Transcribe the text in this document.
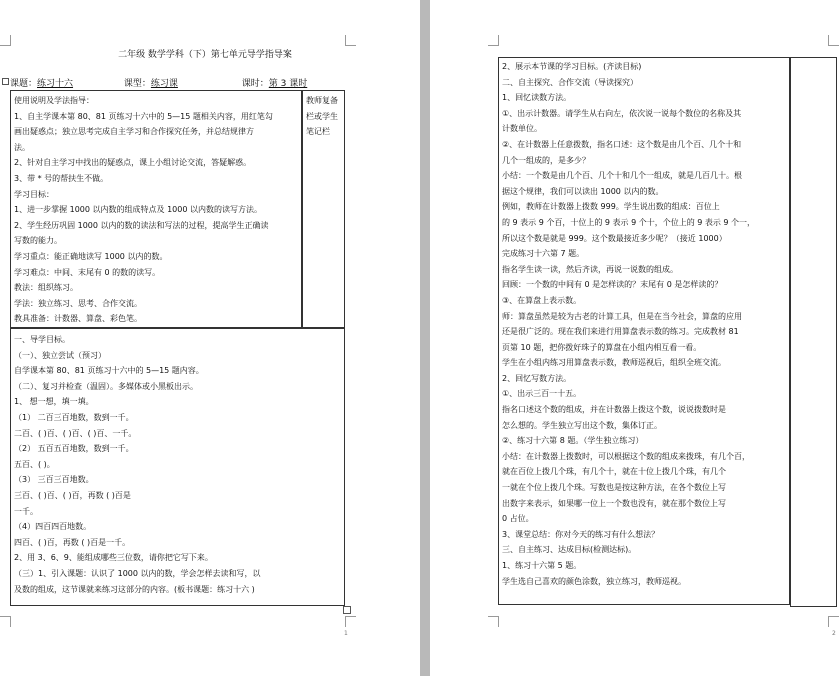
二年级 数学学科（下）第七单元导学指导案
课题：练习十六	课型：练习课	课时：第 3 课时

使用说明及学法指导：

1、自主学课本第 80、81 页练习十六中的 5—15 题相关内容，用红笔勾

画出疑惑点；独立思考完成自主学习和合作探究任务，并总结规律方

法。

2、针对自主学习中找出的疑惑点，课上小组讨论交流，答疑解惑。

3、带 * 号的帮扶生不做。

学习目标：

1、进一步掌握 1000 以内数的组成特点及 1000 以内数的读写方法。

2、学生经历巩固 1000 以内的数的读法和写法的过程，提高学生正确读

写数的能力。

学习重点：能正确地读写 1000 以内的数。

学习难点：中间、末尾有 0 的数的读写。

教法：组织练习。

学法：独立练习、思考、合作交流。

教具准备：计数器、算盘、彩色笔。

教师复备栏或学生笔记栏

一、导学目标。

（一）、独立尝试（预习）

自学课本第 80、81 页练习十六中的 5—15 题内容。

（二）、复习并检查（温固）。多媒体或小黑板出示。

1、 想一想，填一填。

（1） 二百三百地数，数到一千。

二百、( )百、( )百、( )百、一千。

（2） 五百五百地数，数到一千。

五百、( )。

（3） 三百三百地数。

三百、( )百、( )百，再数 ( )百是

一千。

（4）四百四百地数。

四百、( )百，再数 ( )百是一千。

2、用 3、6、9、能组成哪些三位数，请你把它写下来。

（三）1、引入课题：认识了 1000 以内的数，学会怎样去读和写，以

及数的组成，这节课就来练习这部分的内容。(板书课题：练习十六 )

1

2、展示本节课的学习目标。(齐读目标)

二、自主探究、合作交流（导读探究）

1、回忆读数方法。

①、出示计数器。请学生从右向左，依次说一说每个数位的名称及其

计数单位。

②、在计数器上任意拨数，指名口述：这个数是由几个百、几个十和

几个一组成的，是多少？

小结：一个数是由几个百、几个十和几个一组成，就是几百几十。根

据这个规律，我们可以读出 1000 以内的数。

例如，教师在计数器上拨数 999。学生说出数的组成：百位上

的 9 表示 9 个百，十位上的 9 表示 9 个十，个位上的 9 表示 9 个一，

所以这个数是就是 999。这个数最接近多少呢？（接近 1000）

完成练习十六第 7 题。

指名学生读一读，然后齐读，再说一说数的组成。

回顾：一个数的中间有 0 是怎样读的？末尾有 0 是怎样读的？

③、在算盘上表示数。

师：算盘虽然是较为古老的计算工具，但是在当今社会，算盘的应用

还是很广泛的。现在我们来进行用算盘表示数的练习。完成教材 81

页第 10 题，把你拨好珠子的算盘在小组内相互看一看。

学生在小组内练习用算盘表示数，教师巡视后，组织全班交流。

2、回忆写数方法。

①、出示三百一十五。

指名口述这个数的组成，并在计数器上拨这个数，说说拨数时是

怎么想的。学生独立写出这个数，集体订正。

②、练习十六第 8 题。（学生独立练习）

小结：在计数器上拨数时，可以根据这个数的组成来拨珠，有几个百，

就在百位上拨几个珠，有几个十，就在十位上拨几个珠，有几个

一就在个位上拨几个珠。写数也是按这种方法，在各个数位上写

出数字来表示，如果哪一位上一个数也没有，就在那个数位上写

0 占位。

3、课堂总结：你对今天的练习有什么想法？

三、自主练习、达成目标(检测达标)。

1、练习十六第 5 题。

学生选自己喜欢的颜色涂数，独立练习，教师巡视。

2
